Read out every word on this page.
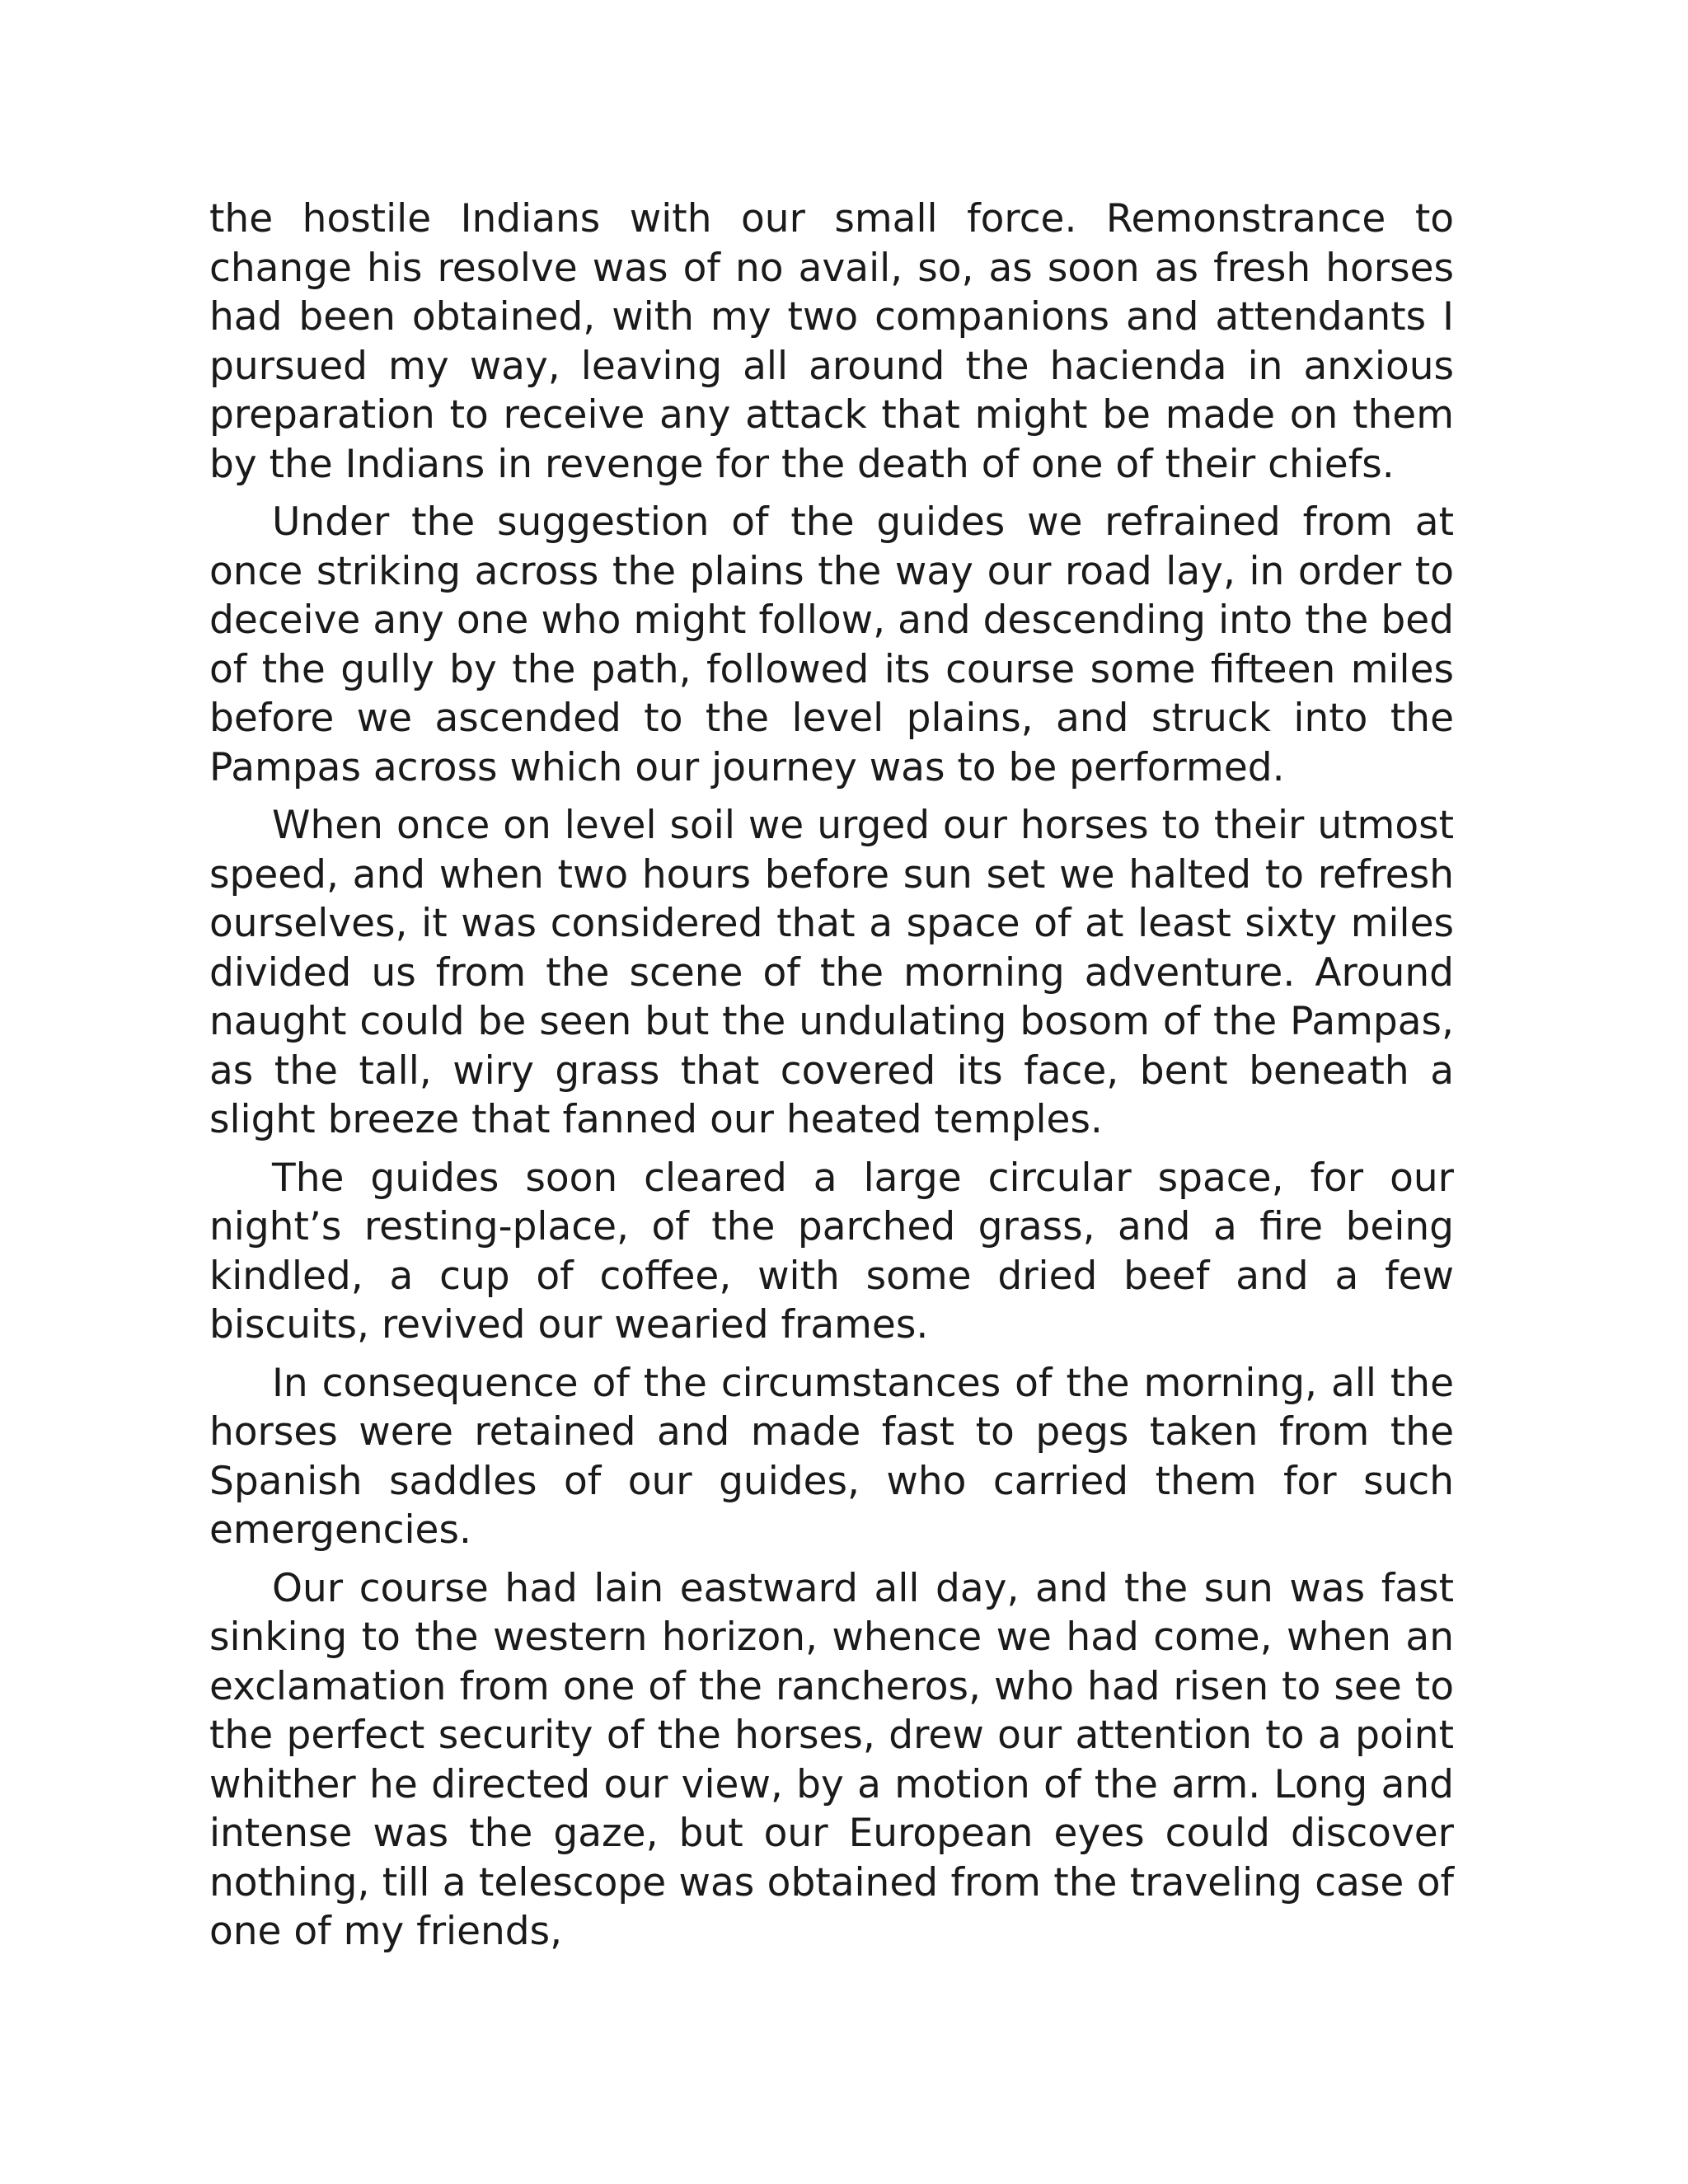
the hostile Indians with our small force. Remonstrance to change his resolve was of no avail, so, as soon as fresh horses had been obtained, with my two companions and attendants I pursued my way, leaving all around the hacienda in anxious preparation to receive any attack that might be made on them by the Indians in revenge for the death of one of their chiefs.

Under the suggestion of the guides we refrained from at once striking across the plains the way our road lay, in order to deceive any one who might follow, and descending into the bed of the gully by the path, followed its course some fifteen miles before we ascended to the level plains, and struck into the Pampas across which our journey was to be performed.

When once on level soil we urged our horses to their utmost speed, and when two hours before sun set we halted to refresh ourselves, it was considered that a space of at least sixty miles divided us from the scene of the morning adventure. Around naught could be seen but the undulating bosom of the Pampas, as the tall, wiry grass that covered its face, bent beneath a slight breeze that fanned our heated temples.

The guides soon cleared a large circular space, for our night’s resting-place, of the parched grass, and a fire being kindled, a cup of coffee, with some dried beef and a few biscuits, revived our wearied frames.

In consequence of the circumstances of the morning, all the horses were retained and made fast to pegs taken from the Spanish saddles of our guides, who carried them for such emergencies.

Our course had lain eastward all day, and the sun was fast sinking to the western horizon, whence we had come, when an exclamation from one of the rancheros, who had risen to see to the perfect security of the horses, drew our attention to a point whither he directed our view, by a motion of the arm. Long and intense was the gaze, but our European eyes could discover nothing, till a telescope was obtained from the traveling case of one of my friends,
